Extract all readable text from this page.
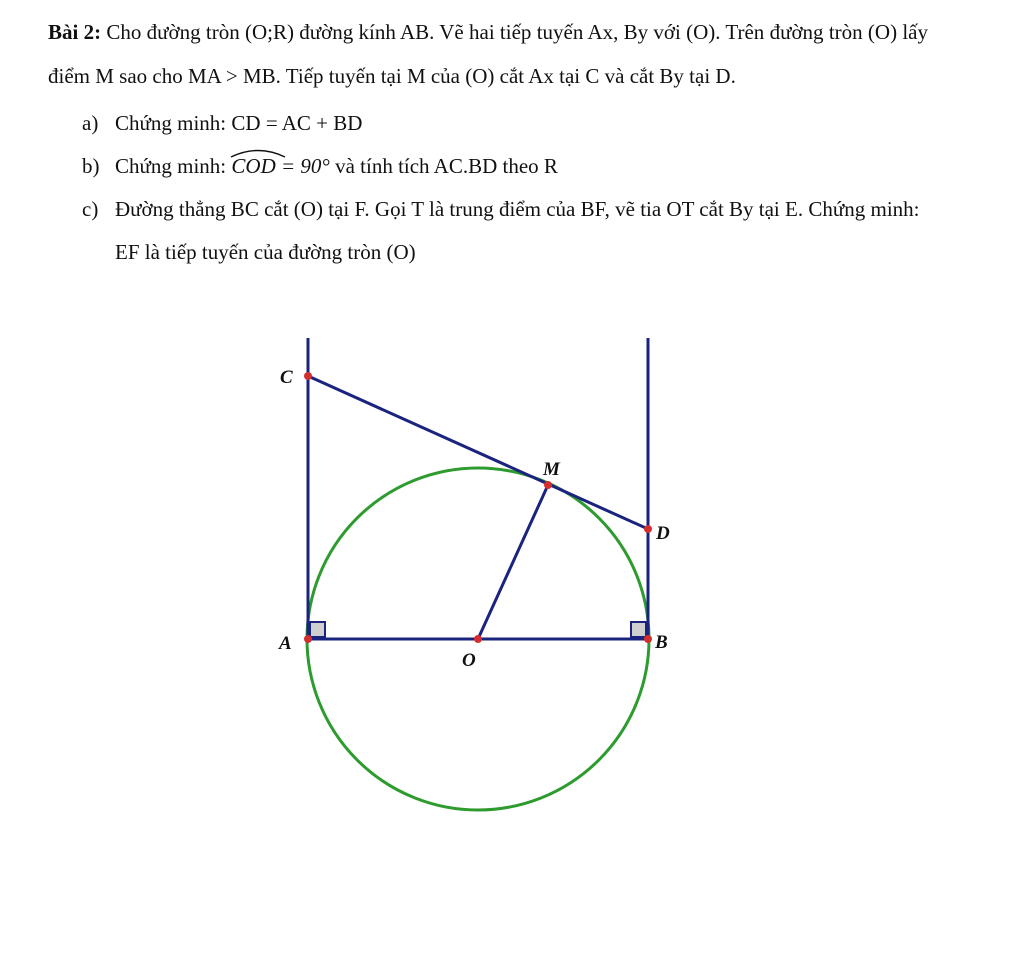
Bài 2: Cho đường tròn (O;R) đường kính AB. Vẽ hai tiếp tuyến Ax, By với (O). Trên đường tròn (O) lấy điểm M sao cho MA > MB. Tiếp tuyến tại M của (O) cắt Ax tại C và cắt By tại D.

a) Chứng minh: CD = AC + BD
b) Chứng minh:
COD = 90° và tính tích AC.BD theo R
c) Đường thẳng BC cắt (O) tại F. Gọi T là trung điểm của BF, vẽ tia OT cắt By tại E. Chứng minh: EF là tiếp tuyến của đường tròn (O)
C
M
D
A
O
B
